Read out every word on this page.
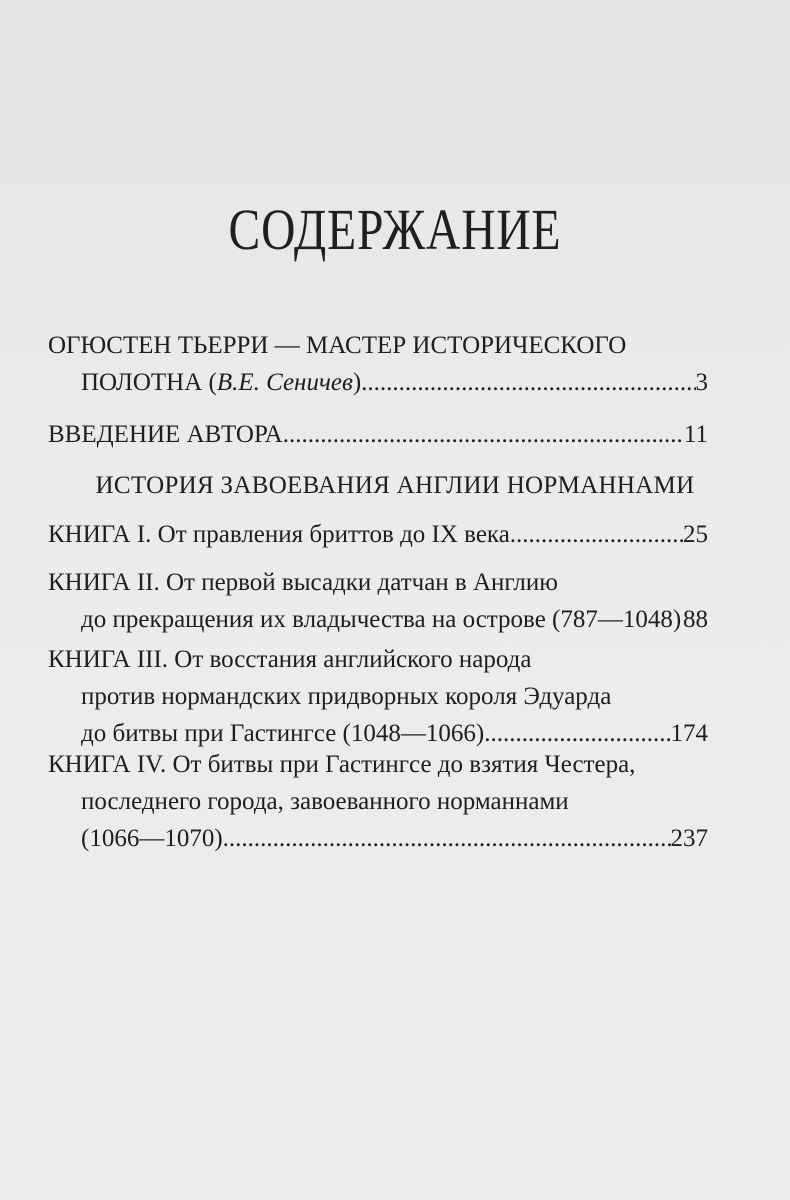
СОДЕРЖАНИЕ
ОГЮСТЕН ТЬЕРРИ — МАСТЕР ИСТОРИЧЕСКОГО
ПОЛОТНА (В.Е. Сеничев) .....	3
ВВЕДЕНИЕ АВТОРА .....	11
ИСТОРИЯ ЗАВОЕВАНИЯ АНГЛИИ НОРМАННАМИ
КНИГА I. От правления бриттов до IX века .....	25
КНИГА II. От первой высадки датчан в Англию
до прекращения их владычества на острове (787—1048) ..... 88
КНИГА III. От восстания английского народа
против нормандских придворных короля Эдуарда
до битвы при Гастингсе (1048—1066) .....	174
КНИГА IV. От битвы при Гастингсе до взятия Честера,
последнего города, завоеванного норманнами
(1066—1070) .....	237
